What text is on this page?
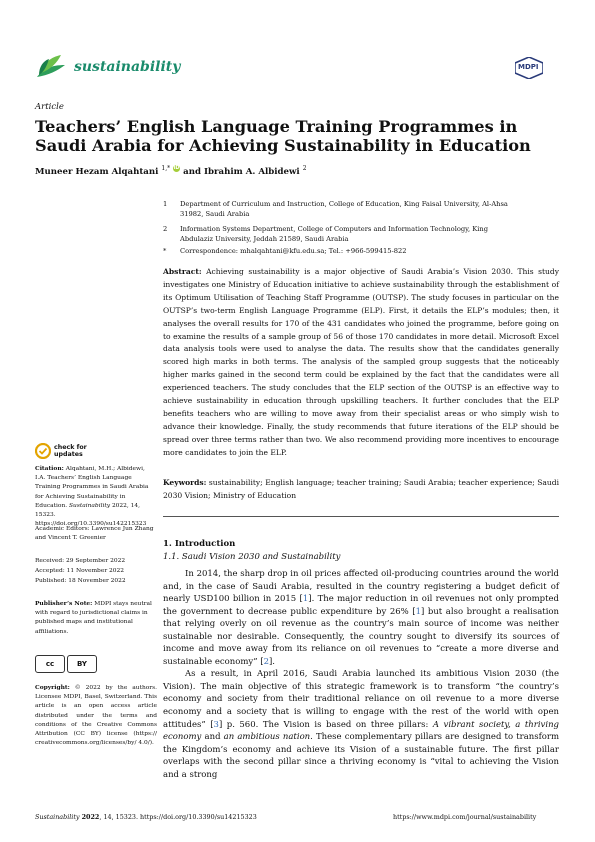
sustainability	MDPI
Article
Teachers’ English Language Training Programmes in Saudi Arabia for Achieving Sustainability in Education
Muneer Hezam Alqahtani $^{1,*}$ iD and Ibrahim A. Albidewi $^2$
1 Department of Curriculum and Instruction, College of Education, King Faisal University, Al-Ahsa 31982, Saudi Arabia
2 Information Systems Department, College of Computers and Information Technology, King Abdulaziz University, Jeddah 21589, Saudi Arabia
* Correspondence: mhalqahtani@kfu.edu.sa; Tel.: +966-599415-822
Abstract: Achieving sustainability is a major objective of Saudi Arabia’s Vision 2030. This study investigates one Ministry of Education initiative to achieve sustainability through the establishment of its Optimum Utilisation of Teaching Staff Programme (OUTSP). The study focuses in particular on the OUTSP’s two-term English Language Programme (ELP). First, it details the ELP’s modules; then, it analyses the overall results for 170 of the 431 candidates who joined the programme, before going on to examine the results of a sample group of 56 of those 170 candidates in more detail. Microsoft Excel data analysis tools were used to analyse the data. The results show that the candidates generally scored high marks in both terms. The analysis of the sampled group suggests that the noticeably higher marks gained in the second term could be explained by the fact that the candidates were all experienced teachers. The study concludes that the ELP section of the OUTSP is an effective way to achieve sustainability in education through upskilling teachers. It further concludes that the ELP benefits teachers who are willing to move away from their specialist areas or who simply wish to advance their knowledge. Finally, the study recommends that future iterations of the ELP should be spread over three terms rather than two. We also recommend providing more incentives to encourage more candidates to join the ELP.
Keywords: sustainability; English language; teacher training; Saudi Arabia; teacher experience; Saudi 2030 Vision; Ministry of Education
check for
updates
Citation: Alqahtani, M.H.; Albidewi, I.A. Teachers’ English Language Training Programmes in Saudi Arabia for Achieving Sustainability in Education. Sustainability 2022, 14, 15323. https://doi.org/10.3390/su142215323
Academic Editors: Lawrence Jun Zhang and Vincent T. Greenier
Received: 29 September 2022
Accepted: 11 November 2022
Published: 18 November 2022
Publisher’s Note: MDPI stays neutral with regard to jurisdictional claims in published maps and institutional affiliations.
cc	BY
Copyright: © 2022 by the authors. Licensee MDPI, Basel, Switzerland. This article is an open access article distributed under the terms and conditions of the Creative Commons Attribution (CC BY) license (https:// creativecommons.org/licenses/by/ 4.0/).
1. Introduction
1.1. Saudi Vision 2030 and Sustainability

In 2014, the sharp drop in oil prices affected oil-producing countries around the world and, in the case of Saudi Arabia, resulted in the country registering a budget deficit of nearly USD100 billion in 2015 [1]. The major reduction in oil revenues not only prompted the government to decrease public expenditure by 26% [1] but also brought a realisation that relying overly on oil revenue as the country’s main source of income was neither sustainable nor desirable. Consequently, the country sought to diversify its sources of income and move away from its reliance on oil revenues to “create a more diverse and sustainable economy” [2].

As a result, in April 2016, Saudi Arabia launched its ambitious Vision 2030 (the Vision). The main objective of this strategic framework is to transform “the country’s economy and society from their traditional reliance on oil revenue to a more diverse economy and a society that is willing to engage with the rest of the world with open attitudes” [3] p. 560. The Vision is based on three pillars: A vibrant society, a thriving economy and an ambitious nation. These complementary pillars are designed to transform the Kingdom’s economy and achieve its Vision of a sustainable future. The first pillar overlaps with the second pillar since a thriving economy is “vital to achieving the Vision and a strong

Sustainability 2022, 14, 15323. https://doi.org/10.3390/su14215323	https://www.mdpi.com/journal/sustainability
